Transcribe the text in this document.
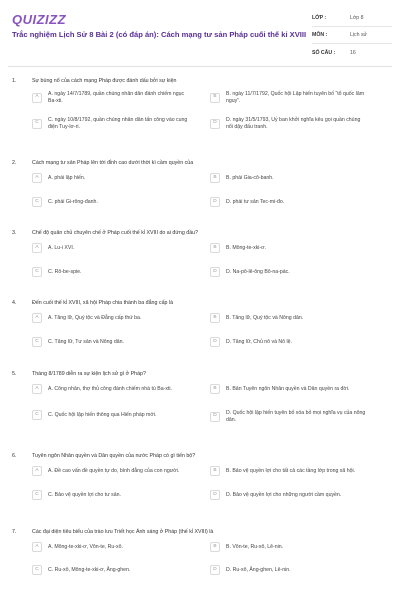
QUIZIZZ
Trắc nghiệm Lịch Sử 8 Bài 2 (có đáp án): Cách mạng tư sản Pháp cuối thế kỉ XVIII
LỚP :	Lớp 8
MÔN :	Lịch sử
SỐ CÂU :	16
1.	Sự bùng nổ của cách mạng Pháp được đánh dấu bởi sự kiện
A	A. ngày 14/7/1789, quần chúng nhân dân đánh chiếm ngục Ba-xti.
B	B. ngày 11/7/1792, Quốc hội Lập hiến tuyên bố “tổ quốc lâm nguy”.
C	C. ngày 10/8/1792, quần chúng nhân dân tấn công vào cung điện Tuy-lơ-ri.
D	D. ngày 31/5/1793, Uỷ ban khởi nghĩa kêu gọi quần chúng nổi dậy đấu tranh.
2.	Cách mạng tư sản Pháp lên tới đỉnh cao dưới thời kì cầm quyền của
A	A. phái lập hiến.	B	B. phái Gia-cô-banh.
C	C. phái Gi-rông-đanh.	D	D. phái tư sản Tec-mi-đo.
3.	Chế độ quân chủ chuyên chế ở Pháp cuối thế kỉ XVIII do ai đứng đầu?
A	A. Lu-i XVI.	B	B. Mông-te-xki-ơ.
C	C. Rô-be-spie.	D	D. Na-pô-lê-ông Bô-na-pác.
4.	Đến cuối thế kỉ XVIII, xã hội Pháp chia thành ba đẳng cấp là
A	A. Tăng lữ, Quý tộc và Đẳng cấp thứ ba.	B	B. Tăng lữ, Quý tộc và Nông dân.
C	C. Tăng lữ, Tư sản và Nông dân.	D	D. Tăng lữ, Chủ nô và Nô lệ.
5.	Tháng 8/1789 diễn ra sự kiện lịch sử gì ở Pháp?
A	A. Công nhân, thợ thủ công đánh chiếm nhà tù Ba-xti.	B	B. Bản Tuyên ngôn Nhân quyền và Dân quyền ra đời.
C	C. Quốc hội lập hiến thông qua Hiến pháp mới.	D	D. Quốc hội lập hiến tuyên bố xóa bỏ mọi nghĩa vụ của nông dân.
6.	Tuyên ngôn Nhân quyền và Dân quyền của nước Pháp có gì tiến bộ?
A	A. Đề cao vấn đề quyền tự do, bình đẳng của con người.	B	B. Bảo vệ quyền lợi cho tất cả các tầng lớp trong xã hội.
C	C. Bảo vệ quyền lợi cho tư sản.	D	D. Bảo vệ quyền lợi cho những người cầm quyền.
7.	Các đại diện tiêu biểu của trào lưu Triết học Ánh sáng ở Pháp (thế kỉ XVIII) là
A	A. Mông-te-xki-ơ, Vôn-te, Ru-xô.	B	B. Vôn-te, Ru-xô, Lê-nin.
C	C. Ru-xô, Mông-te-xki-ơ, Ăng-ghen.	D	D. Ru-xô, Ăng-ghen, Lê-nin.
